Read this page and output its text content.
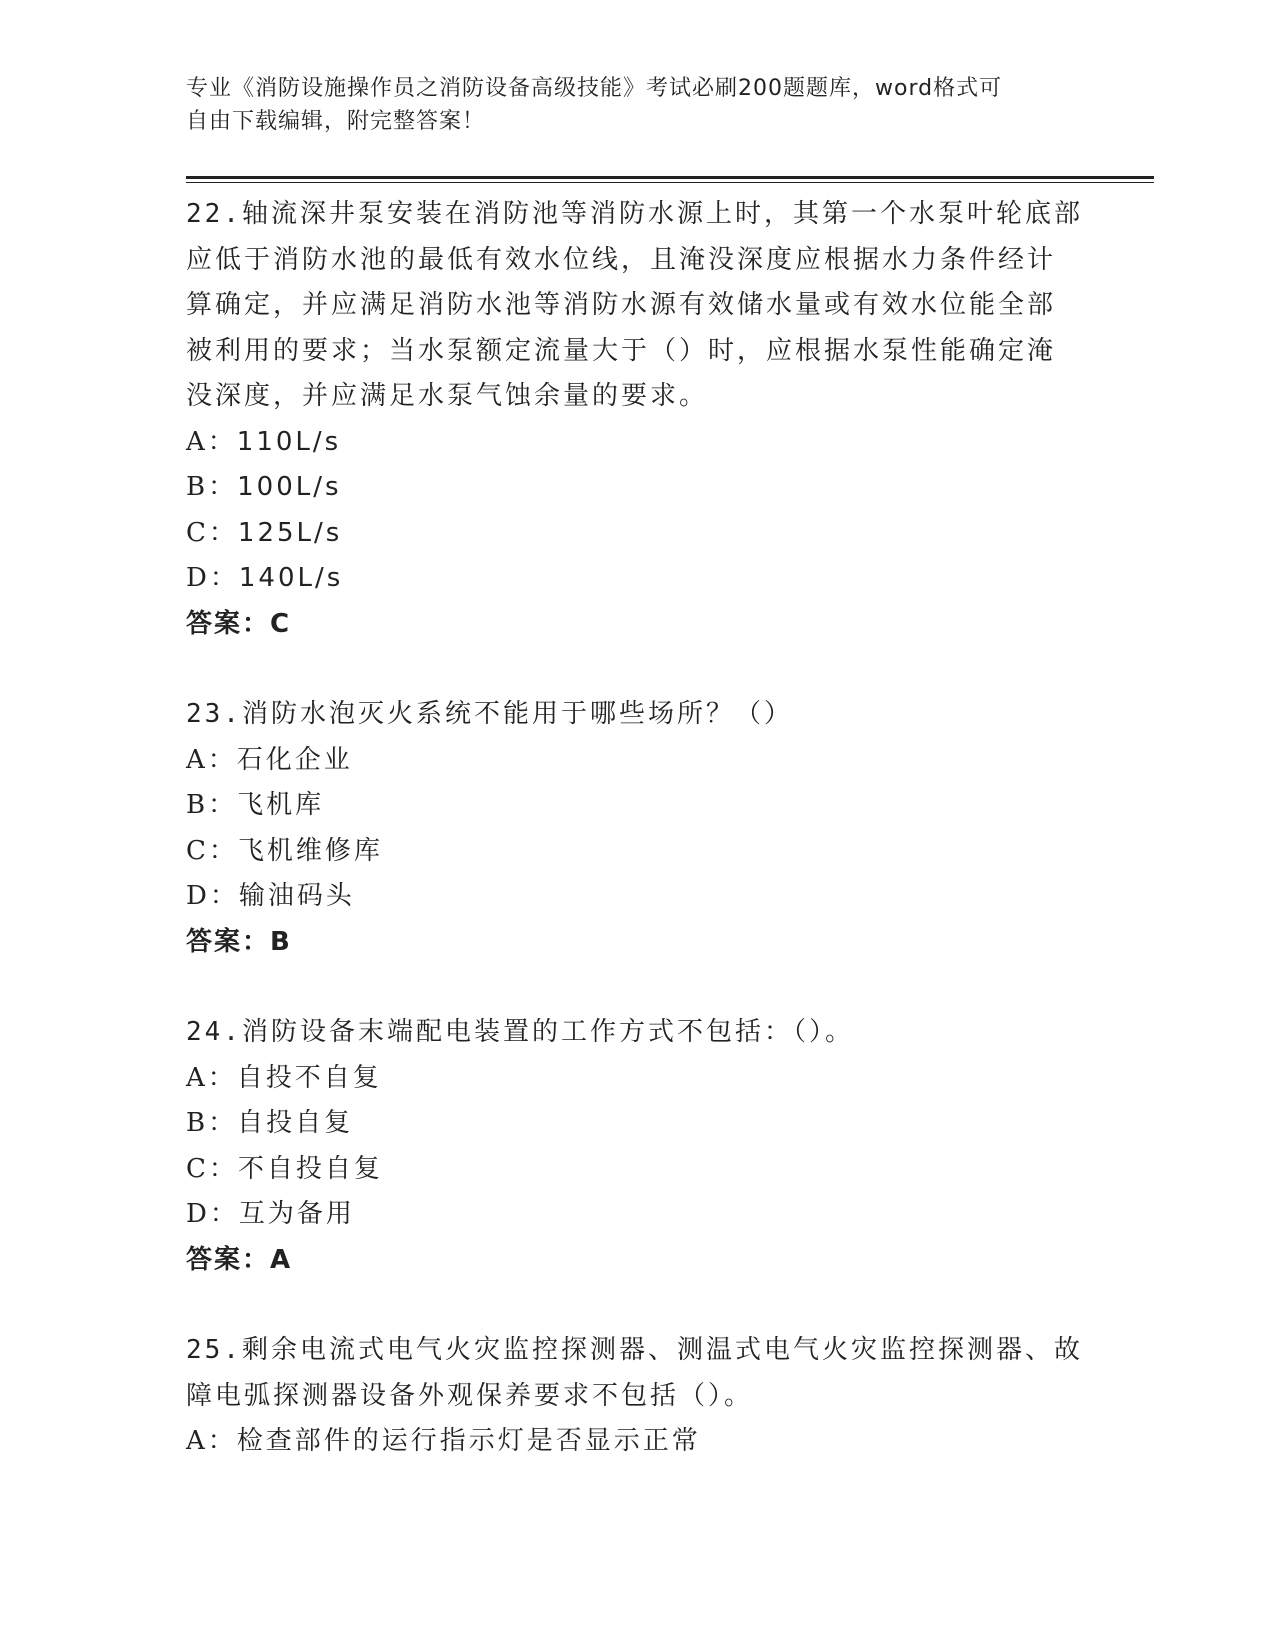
专业《消防设施操作员之消防设备高级技能》考试必刷200题题库，word格式可
自由下载编辑，附完整答案！
22.轴流深井泵安装在消防池等消防水源上时，其第一个水泵叶轮底部
应低于消防水池的最低有效水位线，且淹没深度应根据水力条件经计
算确定，并应满足消防水池等消防水源有效储水量或有效水位能全部
被利用的要求；当水泵额定流量大于（）时，应根据水泵性能确定淹
没深度，并应满足水泵气蚀余量的要求。
A：110L/s
B：100L/s
C：125L/s
D：140L/s
答案：C
23.消防水泡灭火系统不能用于哪些场所？（）
A：石化企业
B：飞机库
C：飞机维修库
D：输油码头
答案：B
24.消防设备末端配电装置的工作方式不包括：（）。
A：自投不自复
B：自投自复
C：不自投自复
D：互为备用
答案：A
25.剩余电流式电气火灾监控探测器、测温式电气火灾监控探测器、故
障电弧探测器设备外观保养要求不包括（）。
A：检查部件的运行指示灯是否显示正常
